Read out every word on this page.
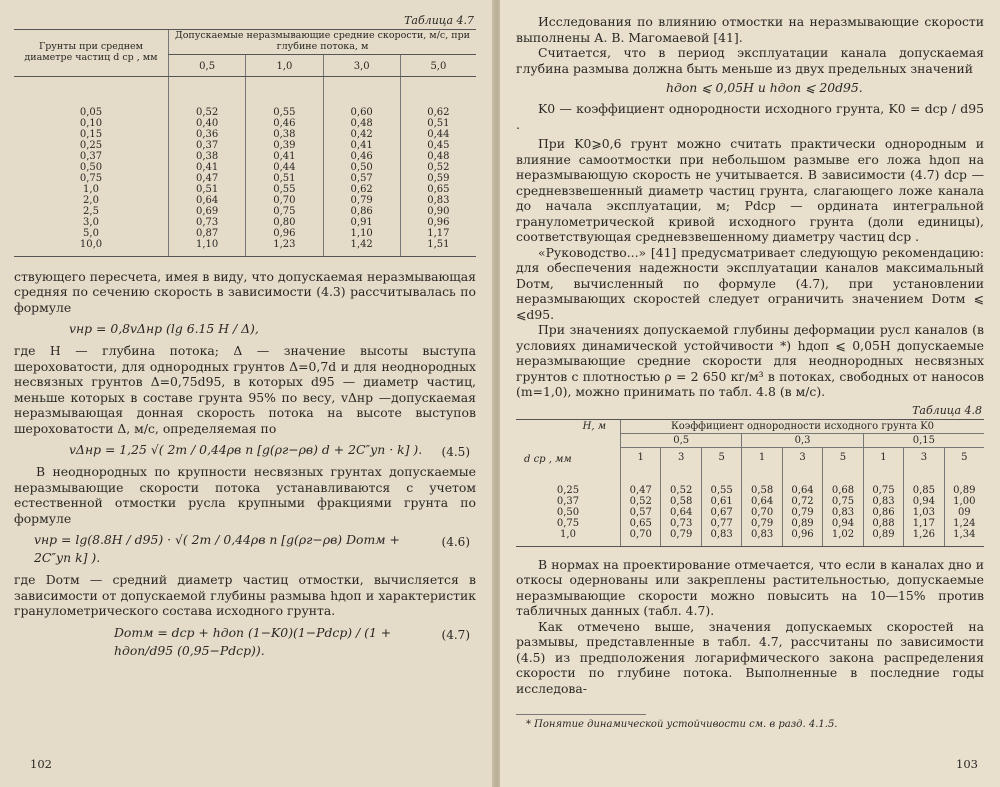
Таблица 4.7
Грунты при среднем диаметре частиц d ср , мм	Допускаемые неразмывающие средние скорости, м/с, при глубине потока, м			
	0,5	1,0	3,0	5,0
0,05	0,52	0,55	0,60	0,62
0,10	0,40	0,46	0,48	0,51
0,15	0,36	0,38	0,42	0,44
0,25	0,37	0,39	0,41	0,45
0,37	0,38	0,41	0,46	0,48
0,50	0,41	0,44	0,50	0,52
0,75	0,47	0,51	0,57	0,59
1,0	0,51	0,55	0,62	0,65
2,0	0,64	0,70	0,79	0,83
2,5	0,69	0,75	0,86	0,90
3,0	0,73	0,80	0,91	0,96
5,0	0,87	0,96	1,10	1,17
10,0	1,10	1,23	1,42	1,51

ствующего пересчета, имея в виду, что допускаемая неразмывающая средняя по сечению скорость в зависимости (4.3) рассчитывалась по формуле

vнр = 0,8vΔнр (lg 6.15 H / Δ),

где H — глубина потока; Δ — значение высоты выступа шероховатости, для однородных грунтов Δ=0,7d и для неоднородных несвязных грунтов Δ=0,75d95, в которых d95 — диаметр частиц, меньше которых в составе грунта 95% по весу, vΔнр —допускаемая неразмывающая донная скорость потока на высоте выступов шероховатости Δ, м/с, определяемая по

vΔнр = 1,25 √( 2m / 0,44ρв n [g(ρг−ρв) d + 2C″уп · k] ). (4.5)

В неоднородных по крупности несвязных грунтах допускаемые неразмывающие скорости потока устанавливаются с учетом естественной отмостки русла крупными фракциями грунта по формуле

vнр = lg(8.8H / d95) · √( 2m / 0,44ρв n [g(ρг−ρв) Dотм + 2C″уп k] ).
(4.6)

где Dотм — средний диаметр частиц отмостки, вычисляется в зависимости от допускаемой глубины размыва hдоп и характеристик гранулометрического состава исходного грунта.

Dотм = dср + hдоп (1−K0)(1−Pdср) / (1 + hдоп/d95 (0,95−Pdср)).
(4.7)
102

Исследования по влиянию отмостки на неразмывающие скорости выполнены А. В. Магомаевой [41].

Считается, что в период эксплуатации канала допускаемая глубина размыва должна быть меньше из двух предельных значений

hдоп ⩽ 0,05H и hдоп ⩽ 20d95.

K0 — коэффициент однородности исходного грунта, K0 = dср / d95 .

При K0⩾0,6 грунт можно считать практически однородным и влияние самоотмостки при небольшом размыве его ложа hдоп на неразмывающую скорость не учитывается. В зависимости (4.7) dср — средневзвешенный диаметр частиц грунта, слагающего ложе канала до начала эксплуатации, м; Pdср — ордината интегральной гранулометрической кривой исходного грунта (доли единицы), соответствующая средневзвешенному диаметру частиц dср .

«Руководство...» [41] предусматривает следующую рекомендацию: для обеспечения надежности эксплуатации каналов максимальный Dотм, вычисленный по формуле (4.7), при установлении неразмывающих скоростей следует ограничить значением Dотм ⩽ ⩽d95.

При значениях допускаемой глубины деформации русл каналов (в условиях динамической устойчивости *) hдоп ⩽ 0,05H допускаемые неразмывающие средние скорости для неоднородных несвязных грунтов с плотностью ρ = 2 650 кг/м³ в потоках, свободных от наносов (m=1,0), можно принимать по табл. 4.8 (в м/с).

Таблица 4.8
H, м
d ср , мм	Коэффициент однородности исходного грунта K0								
	0,5			0,3			0,15		
	1	3	5	1	3	5	1	3	5
0,25	0,47	0,52	0,55	0,58	0,64	0,68	0,75	0,85	0,89
0,37	0,52	0,58	0,61	0,64	0,72	0,75	0,83	0,94	1,00
0,50	0,57	0,64	0,67	0,70	0,79	0,83	0,86	1,03	09
0,75	0,65	0,73	0,77	0,79	0,89	0,94	0,88	1,17	1,24
1,0	0,70	0,79	0,83	0,83	0,96	1,02	0,89	1,26	1,34

В нормах на проектирование отмечается, что если в каналах дно и откосы одернованы или закреплены растительностью, допускаемые неразмывающие скорости можно повысить на 10—15% против табличных данных (табл. 4.7).

Как отмечено выше, значения допускаемых скоростей на размывы, представленные в табл. 4.7, рассчитаны по зависимости (4.5) из предположения логарифмического закона распределения скорости по глубине потока. Выполненные в последние годы исследова-

* Понятие динамической устойчивости см. в разд. 4.1.5.
103
